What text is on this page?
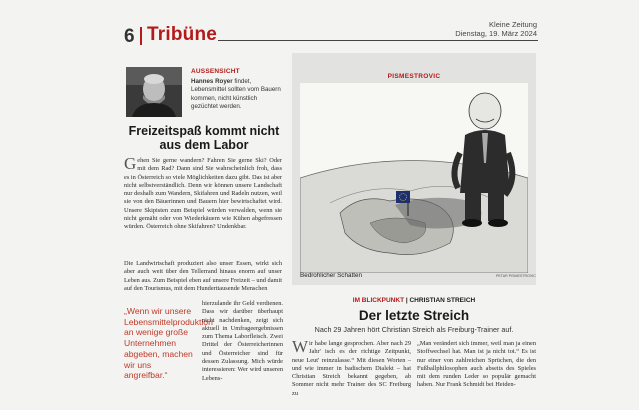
6 Tribüne	Kleine Zeitung
Dienstag, 19. März 2024
AUSSENSICHT
Hannes Royer findet, Lebensmittel sollten vom Bauern kommen, nicht künstlich gezüchtet werden.
Freizeitspaß kommt nicht aus dem Labor
Gehen Sie gerne wandern? Fahren Sie gerne Ski? Oder mit dem Rad? Dann sind Sie wahrscheinlich froh, dass es in Österreich so viele Möglichkeiten dazu gibt. Das ist aber nicht selbstverständlich. Denn wir können unsere Landschaft nur deshalb zum Wandern, Skifahren und Radeln nutzen, weil sie von den Bäuerinnen und Bauern hier bewirtschaftet wird. Unsere Skipisten zum Beispiel würden verwalden, wenn sie nicht gemäht oder von Wiederkäuern wie Kühen abgefressen würden. Österreich ohne Skifahren? Undenkbar.
Die Landwirtschaft produziert also unser Essen, wirkt sich aber auch weit über den Tellerrand hinaus enorm auf unser Leben aus. Zum Beispiel eben auf unsere Freizeit – und damit auf den Tourismus, mit dem Hunderttausende Menschen
„Wenn wir unsere Lebensmittelproduktion an wenige große Unternehmen abgeben, machen wir uns angreifbar.“
hierzulande ihr Geld verdienen. Dass wir darüber überhaupt nicht nachdenken, zeigt sich aktuell in Umfrageergebnissen zum Thema Laborfleisch. Zwei Drittel der Österreicherinnen und Österreicher sind für dessen Zulassung. Mich würde interessieren: Wer wird unseren Lebens-
PISMESTROVIC
Bedrohlicher Schatten	PETAR PISMESTROVIC
IM BLICKPUNKT | CHRISTIAN STREICH
Der letzte Streich
Nach 29 Jahren hört Christian Streich als Freiburg-Trainer auf.
Wir habe lange gesprochen. Aber nach 29 Jahr' isch es der richtige Zeitpunkt, neue Leut' reinzulasse.“ Mit diesen Worten – und wie immer in badischem Dialekt – hat Christian Streich bekannt gegeben, ab Sommer nicht mehr Trainer des SC Freiburg zu
„Man verändert sich immer, weil man ja einen Stoffwechsel hat. Man ist ja nicht tot.“ Es ist nur einer von zahlreichen Sprüchen, die den Fußballphilosophen auch abseits des Spieles mit dem runden Leder so populär gemacht haben. Nur Frank Schmidt bei Heiden-
